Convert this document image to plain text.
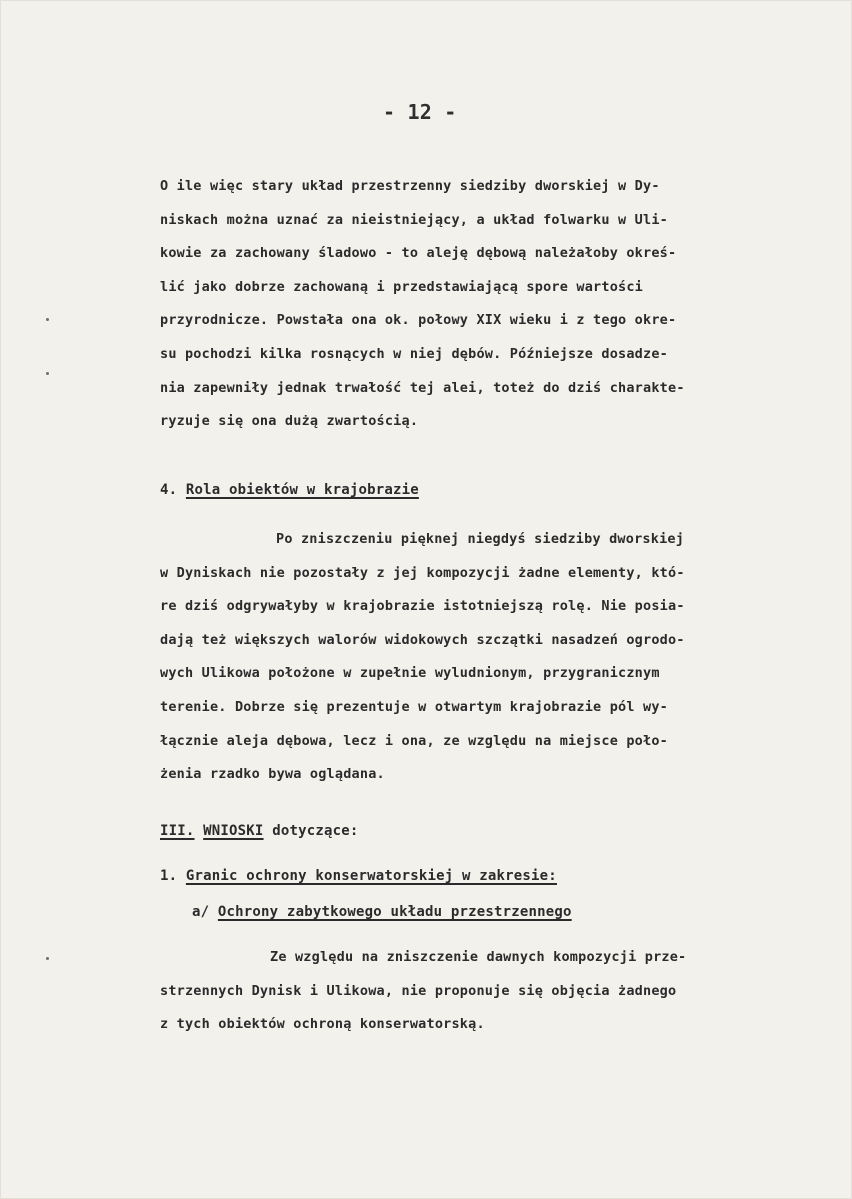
- 12 -
O ile więc stary układ przestrzenny siedziby dworskiej w Dy-
niskach można uznać za nieistniejący, a układ folwarku w Uli-
kowie za zachowany śladowo - to aleję dębową należałoby okreś-
lić jako dobrze zachowaną i przedstawiającą spore wartości
przyrodnicze. Powstała ona ok. połowy XIX wieku i z tego okre-
su pochodzi kilka rosnących w niej dębów. Późniejsze dosadze-
nia zapewniły jednak trwałość tej alei, toteż do dziś charakte-
ryzuje się ona dużą zwartością.
4. Rola obiektów w krajobrazie
Po zniszczeniu pięknej niegdyś siedziby dworskiej
w Dyniskach nie pozostały z jej kompozycji żadne elementy, któ-
re dziś odgrywałyby w krajobrazie istotniejszą rolę. Nie posia-
dają też większych walorów widokowych szczątki nasadzeń ogrodo-
wych Ulikowa położone w zupełnie wyludnionym, przygranicznym
terenie. Dobrze się prezentuje w otwartym krajobrazie pól wy-
łącznie aleja dębowa, lecz i ona, ze względu na miejsce poło-
żenia rzadko bywa oglądana.
III. WNIOSKI dotyczące:
1. Granic ochrony konserwatorskiej w zakresie:
a/ Ochrony zabytkowego układu przestrzennego
Ze względu na zniszczenie dawnych kompozycji prze-
strzennych Dynisk i Ulikowa, nie proponuje się objęcia żadnego
z tych obiektów ochroną konserwatorską.
